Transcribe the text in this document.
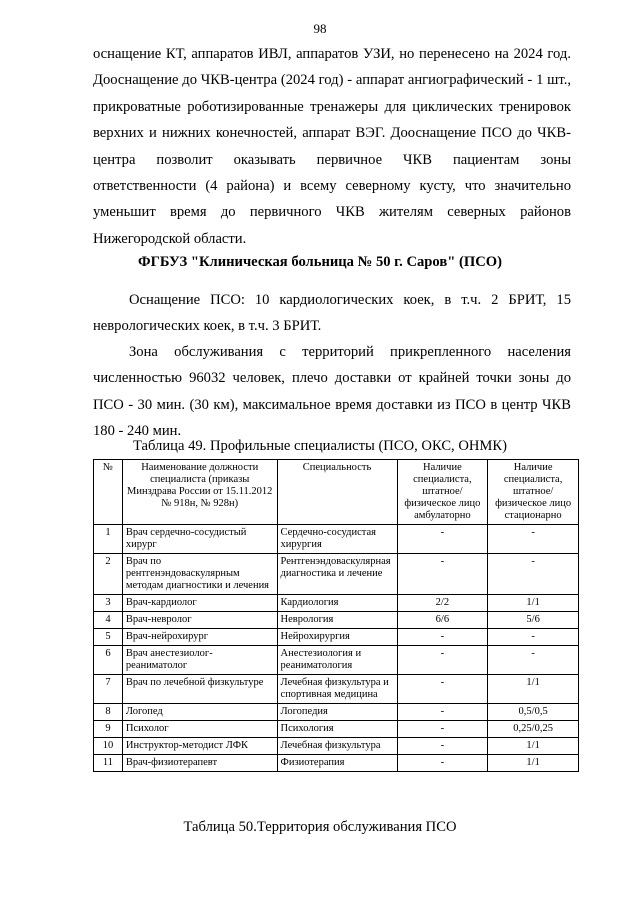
98

оснащение КТ, аппаратов ИВЛ, аппаратов УЗИ, но перенесено на 2024 год. Дооснащение до ЧКВ-центра (2024 год) - аппарат ангиографический - 1 шт., прикроватные роботизированные тренажеры для циклических тренировок верхних и нижних конечностей, аппарат ВЭГ. Дооснащение ПСО до ЧКВ-центра позволит оказывать первичное ЧКВ пациентам зоны ответственности (4 района) и всему северному кусту, что значительно уменьшит время до первичного ЧКВ жителям северных районов Нижегородской области.

ФГБУЗ "Клиническая больница № 50 г. Саров" (ПСО)

Оснащение ПСО: 10 кардиологических коек, в т.ч. 2 БРИТ, 15 неврологических коек, в т.ч. 3 БРИТ.

Зона обслуживания с территорий прикрепленного населения численностью 96032 человек, плечо доставки от крайней точки зоны до ПСО - 30 мин. (30 км), максимальное время доставки из ПСО в центр ЧКВ 180 - 240 мин.

Таблица 49. Профильные специалисты (ПСО, ОКС, ОНМК)
№	Наименование должности специалиста (приказы Минздрава России от 15.11.2012 № 918н, № 928н)	Специальность	Наличие специалиста, штатное/физическое лицо амбулаторно	Наличие специалиста, штатное/физическое лицо стационарно
1	Врач сердечно-сосудистый хирург	Сердечно-сосудистая хирургия	-	-
2	Врач по рентгенэндоваскулярным методам диагностики и лечения	Рентгенэндоваскулярная диагностика и лечение	-	-
3	Врач-кардиолог	Кардиология	2/2	1/1
4	Врач-невролог	Неврология	6/6	5/6
5	Врач-нейрохирург	Нейрохирургия	-	-
6	Врач анестезиолог-реаниматолог	Анестезиология и реаниматология	-	-
7	Врач по лечебной физкультуре	Лечебная физкультура и спортивная медицина	-	1/1
8	Логопед	Логопедия	-	0,5/0,5
9	Психолог	Психология	-	0,25/0,25
10	Инструктор-методист ЛФК	Лечебная физкультура	-	1/1
11	Врач-физиотерапевт	Физиотерапия	-	1/1
Таблица 50.Территория обслуживания ПСО
